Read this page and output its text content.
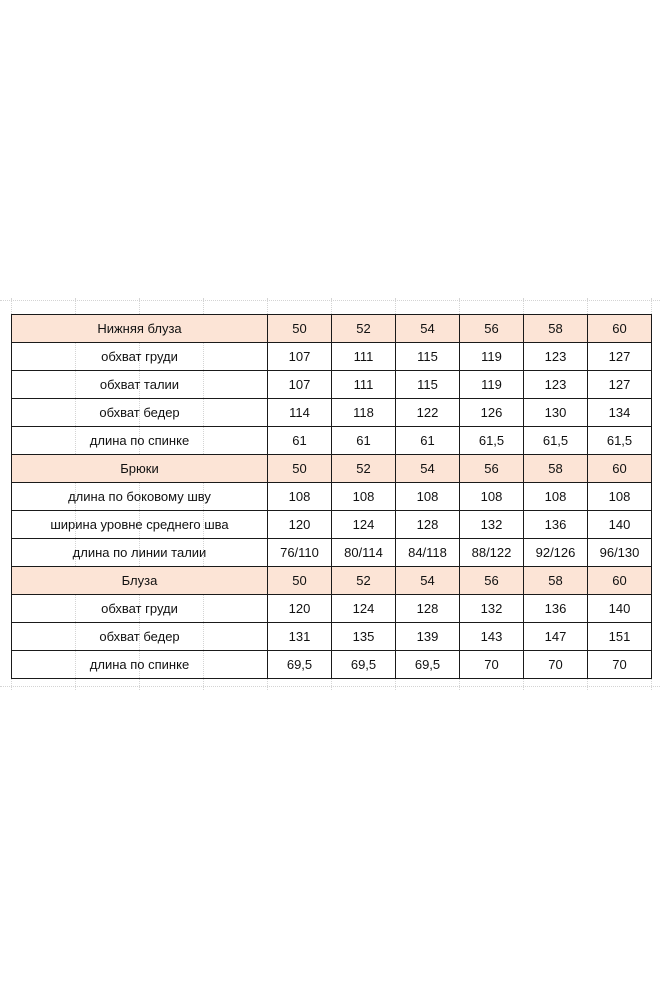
Нижняя блуза	50	52	54	56	58	60
обхват груди	107	111	115	119	123	127
обхват талии	107	111	115	119	123	127
обхват бедер	114	118	122	126	130	134
длина по спинке	61	61	61	61,5	61,5	61,5
Брюки	50	52	54	56	58	60
длина по боковому шву	108	108	108	108	108	108
ширина уровне среднего шва	120	124	128	132	136	140
длина по линии талии	76/110	80/114	84/118	88/122	92/126	96/130
Блуза	50	52	54	56	58	60
обхват груди	120	124	128	132	136	140
обхват бедер	131	135	139	143	147	151
длина по спинке	69,5	69,5	69,5	70	70	70
